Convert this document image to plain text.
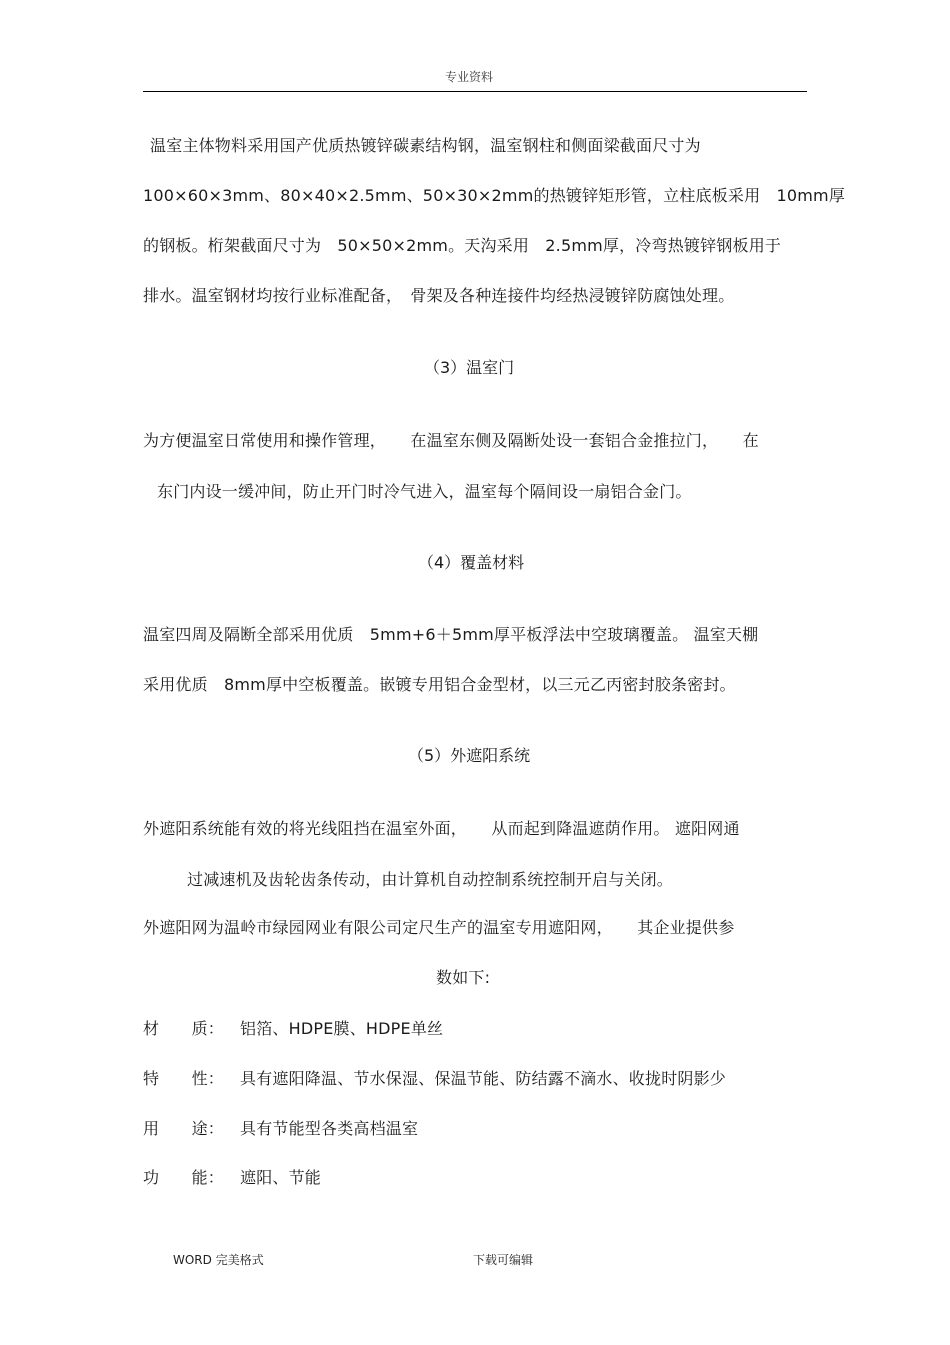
专业资料
温室主体物料采用国产优质热镀锌碳素结构钢，温室钢柱和侧面梁截面尺寸为
100×60×3mm、80×40×2.5mm、50×30×2mm的热镀锌矩形管，立柱底板采用　10mm厚
的钢板。桁架截面尺寸为　50×50×2mm。天沟采用　2.5mm厚，冷弯热镀锌钢板用于
排水。温室钢材均按行业标准配备，　骨架及各种连接件均经热浸镀锌防腐蚀处理。
（3）温室门
为方便温室日常使用和操作管理，　　在温室东侧及隔断处设一套铝合金推拉门，　　在
东门内设一缓冲间，防止开门时冷气进入，温室每个隔间设一扇铝合金门。
（4）覆盖材料
温室四周及隔断全部采用优质　5mm+6＋5mm厚平板浮法中空玻璃覆盖。 温室天棚
采用优质　8mm厚中空板覆盖。嵌镀专用铝合金型材，以三元乙丙密封胶条密封。
（5）外遮阳系统
外遮阳系统能有效的将光线阻挡在温室外面，　　从而起到降温遮荫作用。 遮阳网通
过减速机及齿轮齿条传动，由计算机自动控制系统控制开启与关闭。
外遮阳网为温岭市绿园网业有限公司定尺生产的温室专用遮阳网，　　其企业提供参
数如下:
材　　质： 铝箔、HDPE膜、HDPE单丝
特　　性： 具有遮阳降温、节水保湿、保温节能、防结露不滴水、收拢时阴影少
用　　途： 具有节能型各类高档温室
功　　能： 遮阳、节能
WORD 完美格式	下载可编辑
